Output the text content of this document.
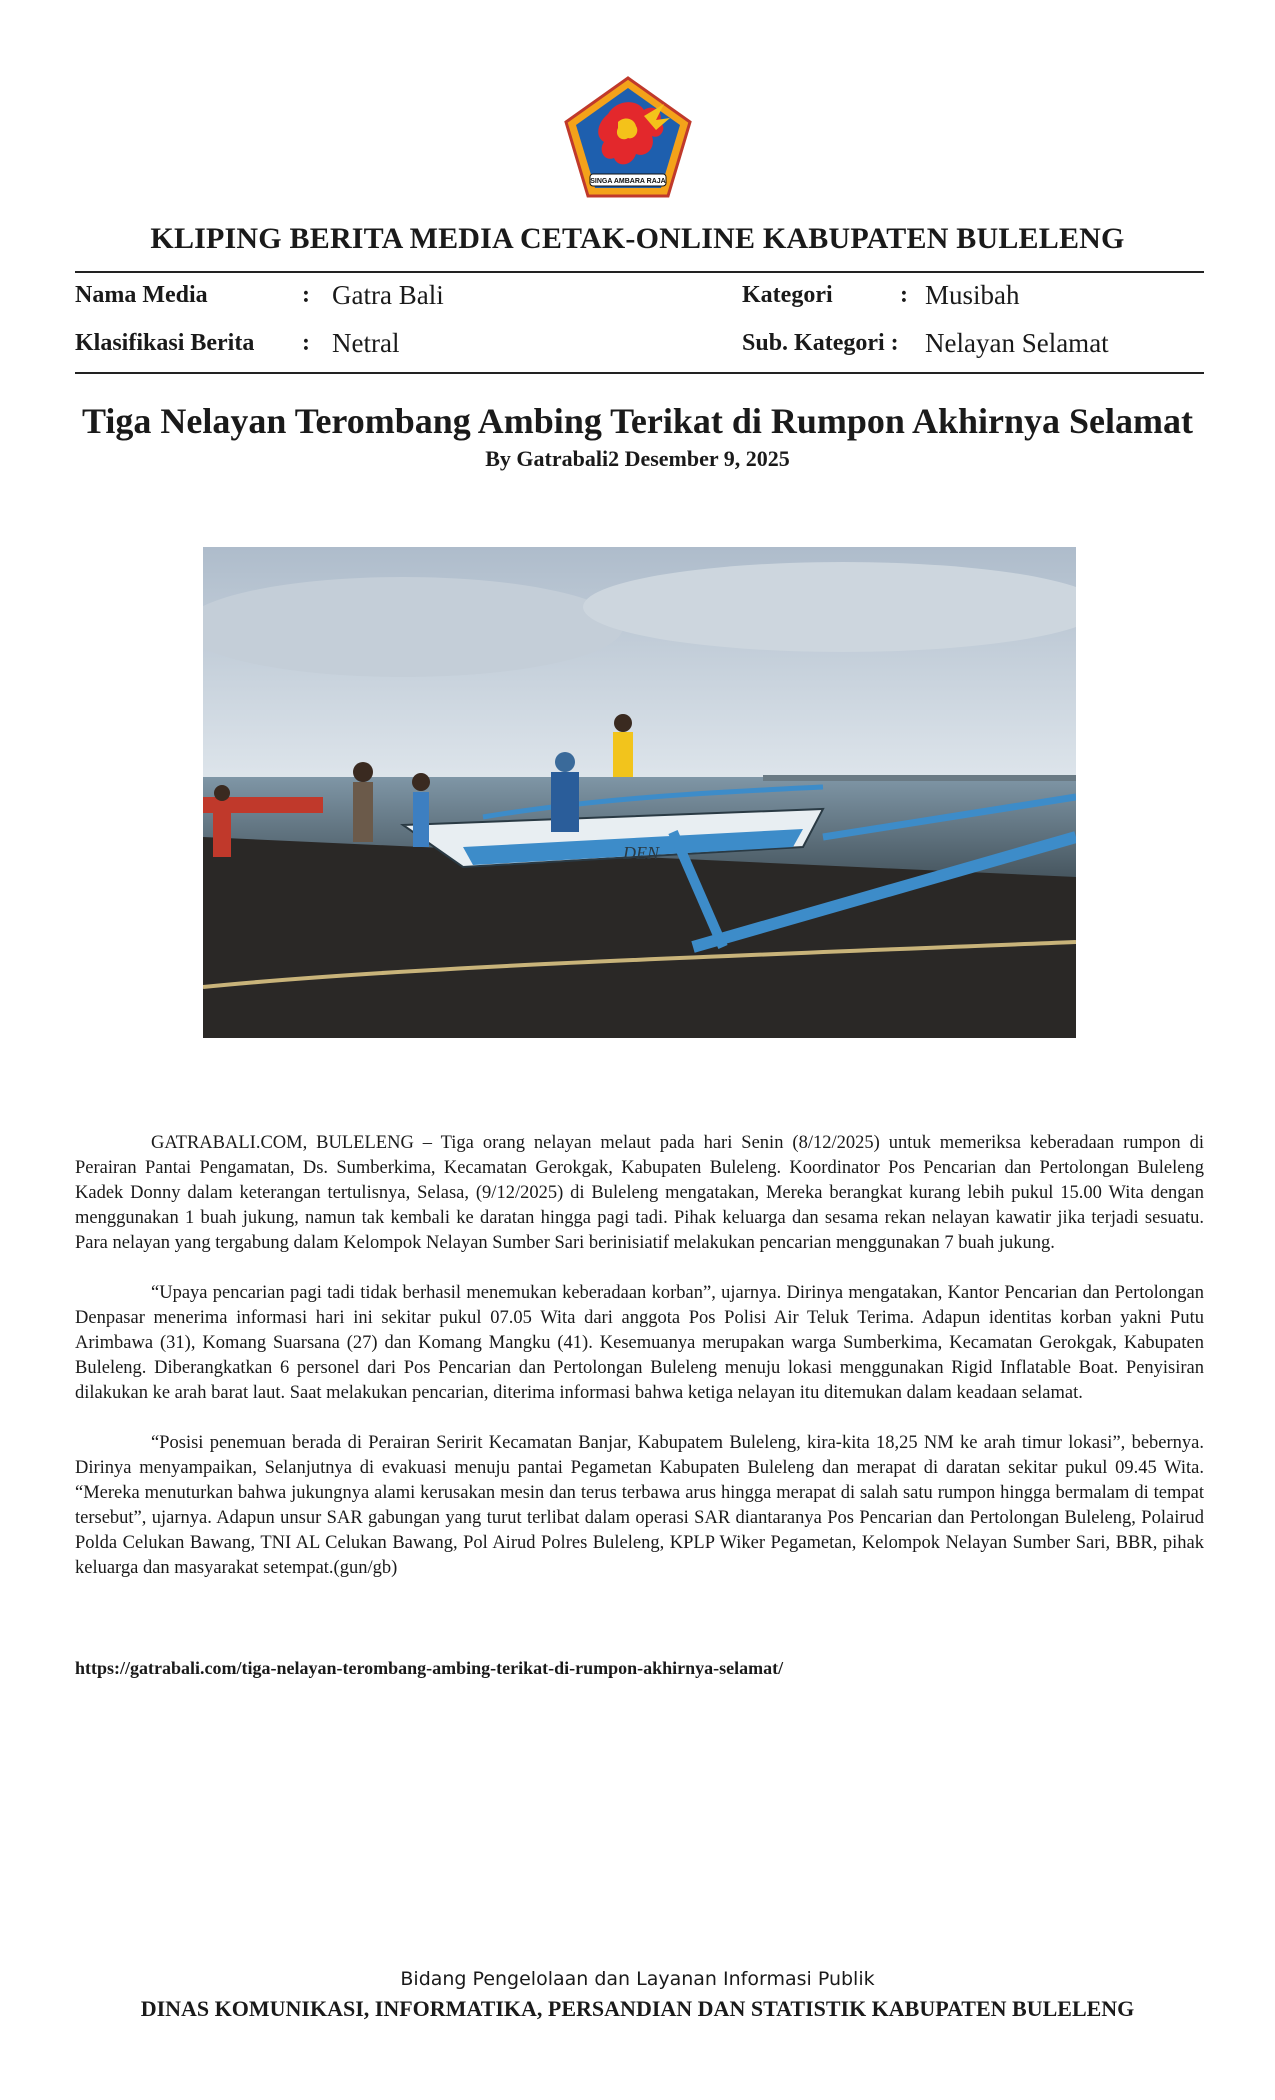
SINGA AMBARA RAJA
KLIPING BERITA MEDIA CETAK-ONLINE KABUPATEN BULELENG
Nama Media	: Gatra Bali
Klasifikasi Berita : Netral
Kategori	: Musibah
Sub. Kategori : Nelayan Selamat
Tiga Nelayan Terombang Ambing Terikat di Rumpon Akhirnya Selamat
By Gatrabali2 Desember 9, 2025
DEN

GATRABALI.COM, BULELENG – Tiga orang nelayan melaut pada hari Senin (8/12/2025) untuk memeriksa keberadaan rumpon di Perairan Pantai Pengamatan, Ds. Sumberkima, Kecamatan Gerokgak, Kabupaten Buleleng. Koordinator Pos Pencarian dan Pertolongan Buleleng Kadek Donny dalam keterangan tertulisnya, Selasa, (9/12/2025) di Buleleng mengatakan, Mereka berangkat kurang lebih pukul 15.00 Wita dengan menggunakan 1 buah jukung, namun tak kembali ke daratan hingga pagi tadi. Pihak keluarga dan sesama rekan nelayan kawatir jika terjadi sesuatu. Para nelayan yang tergabung dalam Kelompok Nelayan Sumber Sari berinisiatif melakukan pencarian menggunakan 7 buah jukung.

“Upaya pencarian pagi tadi tidak berhasil menemukan keberadaan korban”, ujarnya. Dirinya mengatakan, Kantor Pencarian dan Pertolongan Denpasar menerima informasi hari ini sekitar pukul 07.05 Wita dari anggota Pos Polisi Air Teluk Terima. Adapun identitas korban yakni Putu Arimbawa (31), Komang Suarsana (27) dan Komang Mangku (41). Kesemuanya merupakan warga Sumberkima, Kecamatan Gerokgak, Kabupaten Buleleng. Diberangkatkan 6 personel dari Pos Pencarian dan Pertolongan Buleleng menuju lokasi menggunakan Rigid Inflatable Boat. Penyisiran dilakukan ke arah barat laut. Saat melakukan pencarian, diterima informasi bahwa ketiga nelayan itu ditemukan dalam keadaan selamat.

“Posisi penemuan berada di Perairan Seririt Kecamatan Banjar, Kabupatem Buleleng, kira-kita 18,25 NM ke arah timur lokasi”, bebernya. Dirinya menyampaikan, Selanjutnya di evakuasi menuju pantai Pegametan Kabupaten Buleleng dan merapat di daratan sekitar pukul 09.45 Wita. “Mereka menuturkan bahwa jukungnya alami kerusakan mesin dan terus terbawa arus hingga merapat di salah satu rumpon hingga bermalam di tempat tersebut”, ujarnya. Adapun unsur SAR gabungan yang turut terlibat dalam operasi SAR diantaranya Pos Pencarian dan Pertolongan Buleleng, Polairud Polda Celukan Bawang, TNI AL Celukan Bawang, Pol Airud Polres Buleleng, KPLP Wiker Pegametan, Kelompok Nelayan Sumber Sari, BBR, pihak keluarga dan masyarakat setempat.(gun/gb)

https://gatrabali.com/tiga-nelayan-terombang-ambing-terikat-di-rumpon-akhirnya-selamat/
Bidang Pengelolaan dan Layanan Informasi Publik
DINAS KOMUNIKASI, INFORMATIKA, PERSANDIAN DAN STATISTIK KABUPATEN BULELENG
